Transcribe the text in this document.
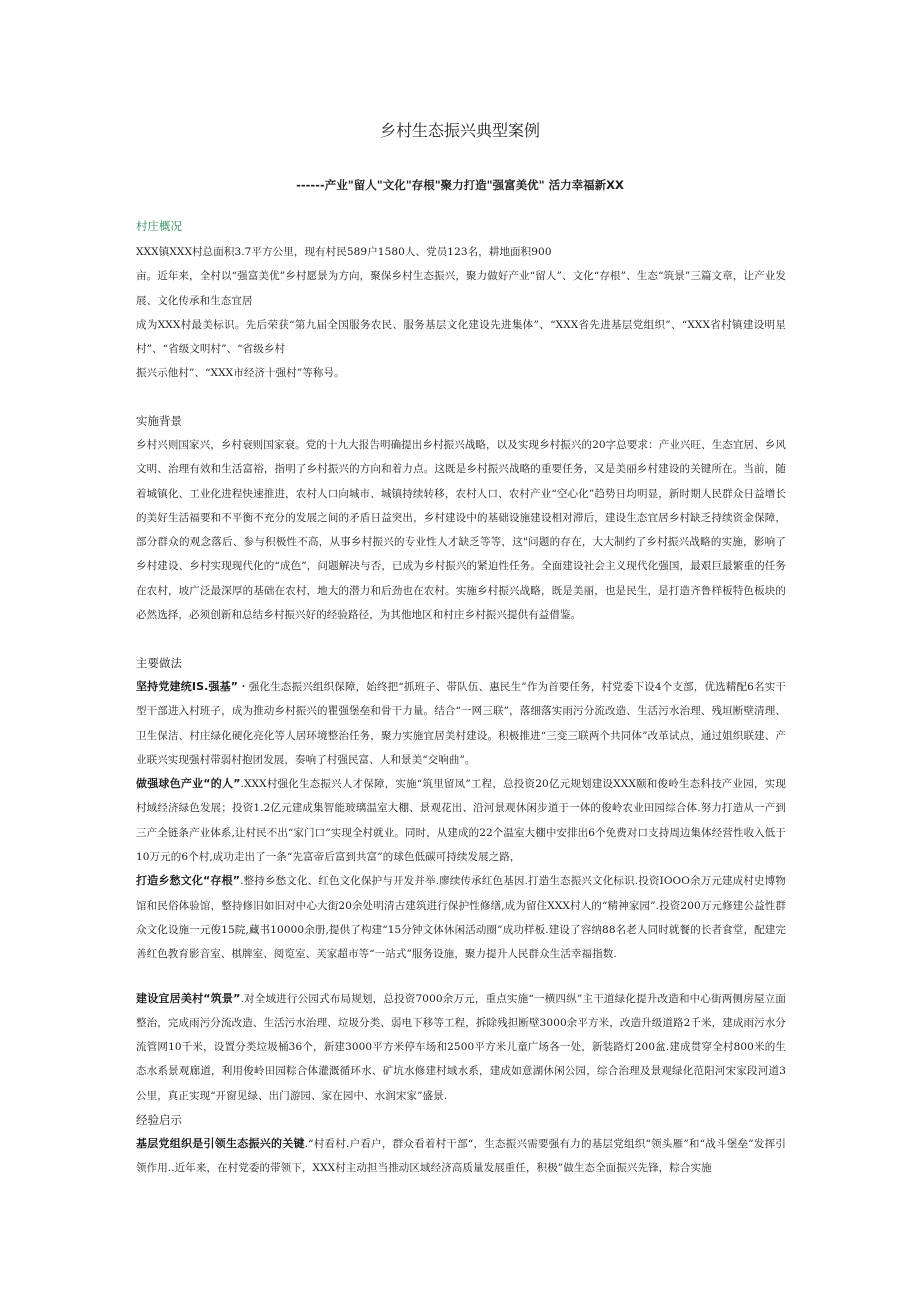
乡村生态振兴典型案例
------产业"留人"文化"存根"聚力打造"强富美优" 活力幸福新XX
村庄概况

XXX镇XXX村总面积3.7平方公里，现有村民589户1580人、党员123名，耕地面积900

亩。近年来，全村以“强富美优”乡村愿景为方向，聚保乡村生态振兴，聚力做好产业“留人”、文化“存根”、生态“筑景”三篇文章，让产业发展、文化传承和生态宜居

成为XXX村最美标识。先后荣获“第九届全国服务农民、服务基层文化建设先进集体”、“XXX省先进基层党组织”、“XXX省村镇建设明星村”、“省级文明村”、“省级乡村

振兴示他村”、“XXX市经济十强村”等称号。

实施背景

乡村兴则国家兴，乡村衰则国家衰。党的十九大报告明确提出乡村振兴战略，以及实现乡村振兴的20字总要求：产业兴旺、生态宜居、乡风文明、治理有效和生活富裕，指明了乡村振兴的方向和着力点。这既是乡村振兴战略的重要任务，又是美丽乡村建设的关键所在。当前，随着城镇化、工业化进程快速推进，农村人口向城市、城镇持续转移，农村人口、农村产业“空心化”趋势日均明显，新时期人民群众日益增长的美好生活福要和不平衡不充分的发展之间的矛盾日益突出，乡村建设中的基础设施建设相对滞后，建设生态宜居乡村缺乏持续资金保障，部分群众的观念落后、参与积极性不高，从事乡村振兴的专业性人才缺乏等等，这"问题的存在，大大制约了乡村振兴战略的实施，影响了乡村建设、乡村实现现代化的“成色”，问题解决与否，已成为乡村振兴的紧迫性任务。全面建设社会主义现代化强国，最艰巨最繁重的任务在农村，坡广泛最深厚的基础在农村，地大的潜力和后劲也在农村。实施乡村振兴战略，既是美丽，也是民生，是打造齐鲁样板特色板块的必然选择，必须创新和总结乡村振兴好的经验路径，为其他地区和村庄乡村振兴提供有益借鉴。

主要做法

坚持党建统IS.强基”・强化生态振兴组织保障，始终把“抓班子、带队伍、惠民生”作为首要任务，村党委下设4个支部，优选精配6名实干型干部进入村班子，成为推动乡村振兴的瞿强堡垒和骨干力量。结合“一网三联”，落细落实雨污分流改造、生活污水治理、残垣断壁清理、卫生保洁、村庄绿化硬化亮化等人居环境整治任务，聚力实施宜居美村建设。积极推进“三变三联两个共同体”改革试点，通过姐织联建、产业联兴实现强村带弱村抱团发展，奏响了村强民富、人和景美“交响曲”。

做强球色产业“的人”.XXX村强化生态振兴人才保障，实施“筑里留凤”工程，总投资20亿元规划建设XXX颐和俊岭生态科技产业园，实现村域经济绿色发展；投资1.2亿元建成集智能玻璃温室大棚、景观花出、沿河景观休闲步道于一体的俊岭农业田园综合体.努力打造从一产到三产全链条产业体系,让村民不出“家门口”实现全村就业。同时，从建成的22个温室大棚中安排出6个免费对口支持周边集体经营性收入低于10万元的6个村,成功走出了一条“先富帝后富到共富”的球色低碳可持续发展之路，

打造乡愁文化“存根”.整持乡愁文化、红色文化保护与开发并举.廖续传承红色基因.打造生态振兴文化标识.投资IOOO余万元建成村史博物馆和民俗体验馆，整持修旧如旧对中心大街20余处明清古建筑进行保护性修缮,成为留住XXX村人的“精神家园”.投资200万元修建公益性群众文化设施一元俊15院,藏书10000余册,提供了构建“15分钟文体休闲活动圈”成功样板.建设了容纳88名老人同时就餐的长者食堂，配建完善红色教育影音室、棋牌室、阅览室、芙家超市等“一站式”服务设施，聚力提升人民群众生活幸福指数.

建设宜居美村“筑景”.对全域进行公园式布局规划，总投资7000余万元，重点实施“一横四纵”主干道绿化提升改造和中心街两侧房屋立面整治，完成雨污分流改造、生活污水治理、垃圾分类、弱电下移等工程，拆除残担断壁3000余平方米，改造升级道路2千米，建成雨污水分流管网10千米，设置分类垃圾桶36个，新建3000平方米停车场和2500平方米儿童广场各一处，新装路灯200盆.建成贯穿全村800米的生态水系景观廊道，利用俊岭田园粽合体灌溉循环水、矿坑水修建村域水系，建成如意湖休闲公园，综合治理及景观绿化范阳河宋家段河道3公里，真正实现“开窗见绿、出门游园、家在园中、水润宋家”盛景.

经验启示

基层党组织是引领生态振兴的关键.“村看村.户看户，群众看着村干部“，生态振兴需要强有力的基层党组织“领头雁”和“战斗堡垒”发挥引领作用..近年来，在村党委的带领下，XXX村主动担当推动区域经济高质量发展重任，积极”做生态全面振兴先锋，粽合实施
